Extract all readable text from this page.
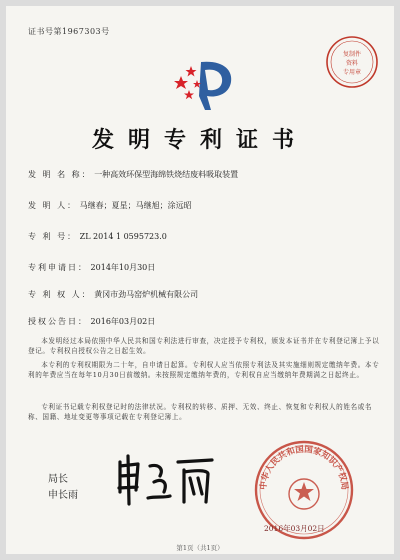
证书号第1967303号
复制件
资料
专用章
发明专利证书
发 明 名 称： 一种高效环保型海绵铁烧结废料吸取装置
发 明 人： 马继春；夏星；马继旭；涂远昭
专 利 号： ZL 2014 1 0595723.0
专利申请日： 2014年10月30日
专 利 权 人： 黄冈市劲马窑炉机械有限公司
授权公告日： 2016年03月02日
本发明经过本局依照中华人民共和国专利法进行审查，决定授予专利权，颁发本证书并在专利登记簿上予以登记。专利权自授权公告之日起生效。
本专利的专利权期限为二十年，自申请日起算。专利权人应当依照专利法及其实施细则规定缴纳年费。本专利的年费应当在每年10月30日前缴纳。未按照规定缴纳年费的，专利权自应当缴纳年费期满之日起终止。
专利证书记载专利权登记时的法律状况。专利权的转移、质押、无效、终止、恢复和专利权人的姓名或名称、国籍、地址变更等事项记载在专利登记簿上。
局长
申长雨
中华人民共和国国家知识产权局
2016年03月02日
第1页（共1页）
